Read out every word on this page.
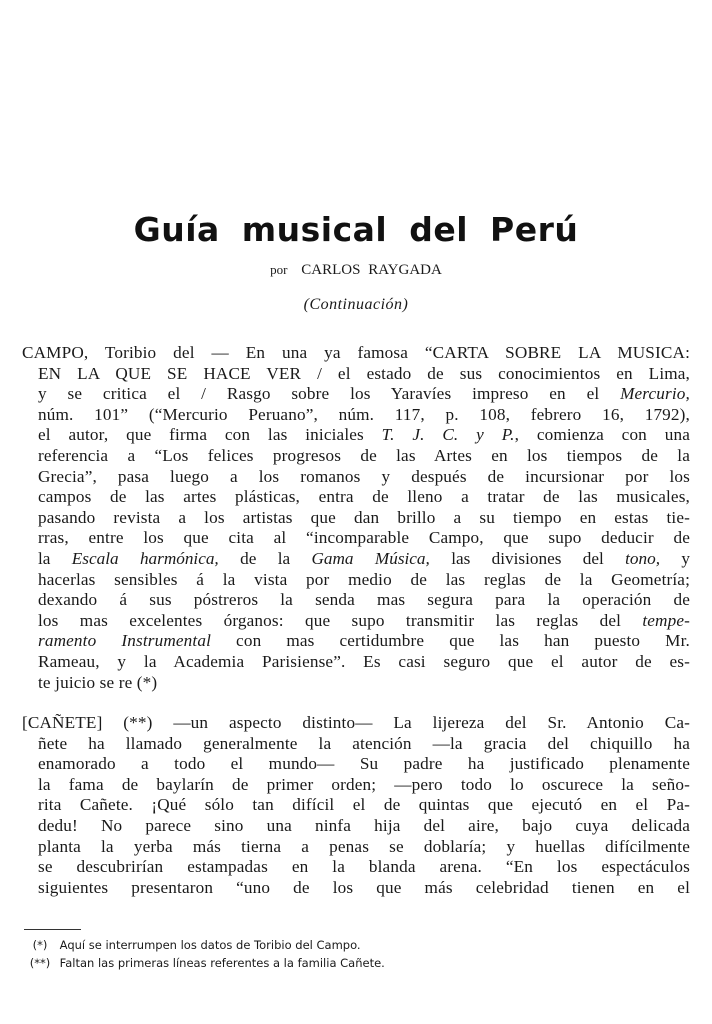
Guía musical del Perú
por CARLOS RAYGADA
(Continuación)
CAMPO, Toribio del — En una ya famosa “CARTA SOBRE LA MUSICA:
EN LA QUE SE HACE VER / el estado de sus conocimientos en Lima,
y se critica el / Rasgo sobre los Yaravíes impreso en el Mercurio,
núm. 101” (“Mercurio Peruano”, núm. 117, p. 108, febrero 16, 1792),
el autor, que firma con las iniciales T. J. C. y P., comienza con una
referencia a “Los felices progresos de las Artes en los tiempos de la
Grecia”, pasa luego a los romanos y después de incursionar por los
campos de las artes plásticas, entra de lleno a tratar de las musicales,
pasando revista a los artistas que dan brillo a su tiempo en estas tie-
rras, entre los que cita al “incomparable Campo, que supo deducir de
la Escala harmónica, de la Gama Música, las divisiones del tono, y
hacerlas sensibles á la vista por medio de las reglas de la Geometría;
dexando á sus póstreros la senda mas segura para la operación de
los mas excelentes órganos: que supo transmitir las reglas del tempe-
ramento Instrumental con mas certidumbre que las han puesto Mr.
Rameau, y la Academia Parisiense”. Es casi seguro que el autor de es-
te juicio se re (*)
[CAÑETE] (**) —un aspecto distinto— La lijereza del Sr. Antonio Ca-
ñete ha llamado generalmente la atención —la gracia del chiquillo ha
enamorado a todo el mundo— Su padre ha justificado plenamente
la fama de baylarín de primer orden; —pero todo lo oscurece la seño-
rita Cañete. ¡Qué sólo tan difícil el de quintas que ejecutó en el Pa-
dedu! No parece sino una ninfa hija del aire, bajo cuya delicada
planta la yerba más tierna a penas se doblaría; y huellas difícilmente
se descubrirían estampadas en la blanda arena. “En los espectáculos
siguientes presentaron “uno de los que más celebridad tienen en el
(*) Aquí se interrumpen los datos de Toribio del Campo.
(**) Faltan las primeras líneas referentes a la familia Cañete.
